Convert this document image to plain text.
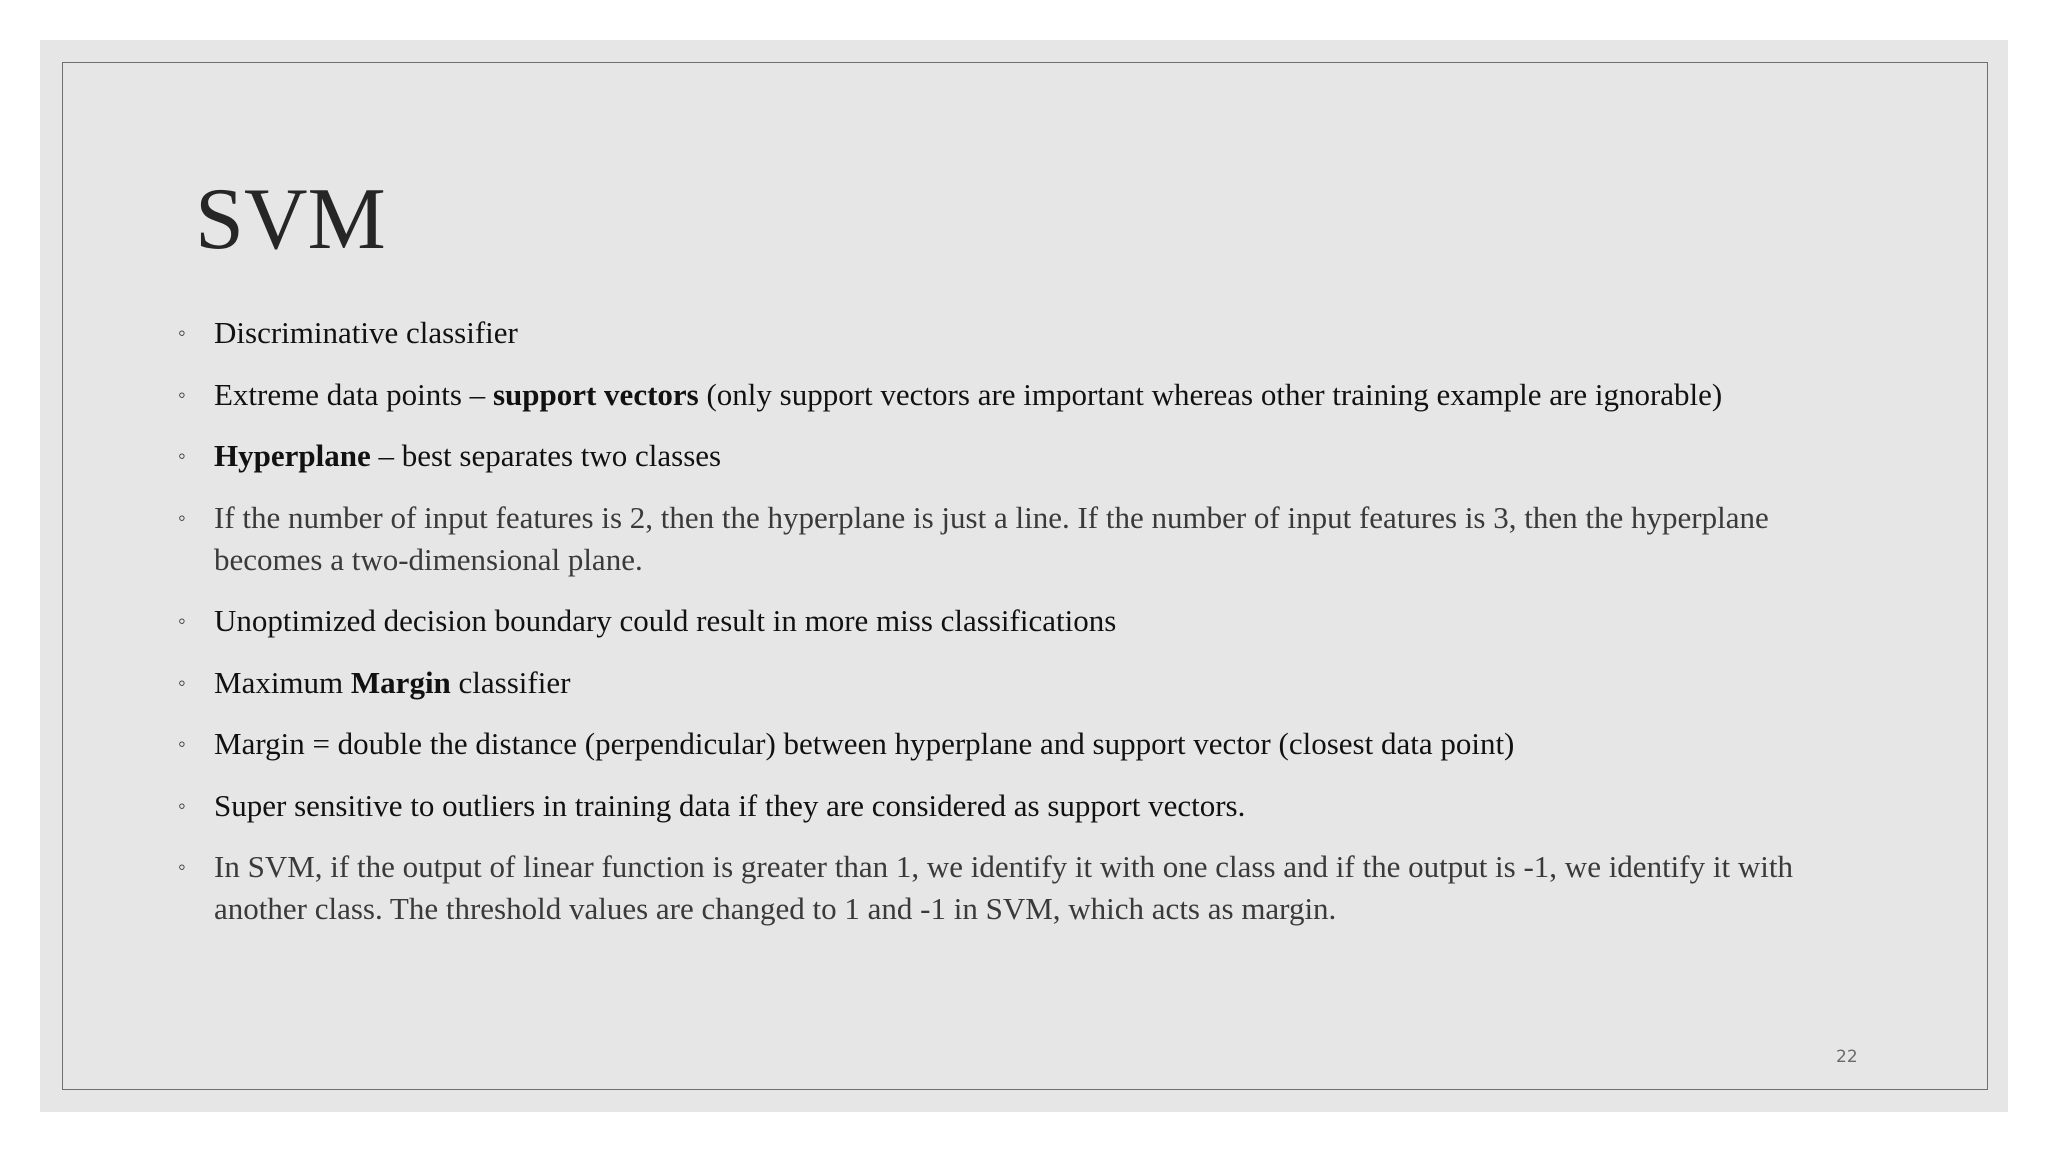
SVM
◦ Discriminative classifier
◦ Extreme data points – support vectors (only support vectors are important whereas other training example are ignorable)
◦ Hyperplane – best separates two classes
◦ If the number of input features is 2, then the hyperplane is just a line. If the number of input features is 3, then the hyperplane becomes a two-dimensional plane.
◦ Unoptimized decision boundary could result in more miss classifications
◦ Maximum Margin classifier
◦ Margin = double the distance (perpendicular) between hyperplane and support vector (closest data point)
◦ Super sensitive to outliers in training data if they are considered as support vectors.
◦ In SVM, if the output of linear function is greater than 1, we identify it with one class and if the output is -1, we identify it with another class. The threshold values are changed to 1 and -1 in SVM, which acts as margin.
22
